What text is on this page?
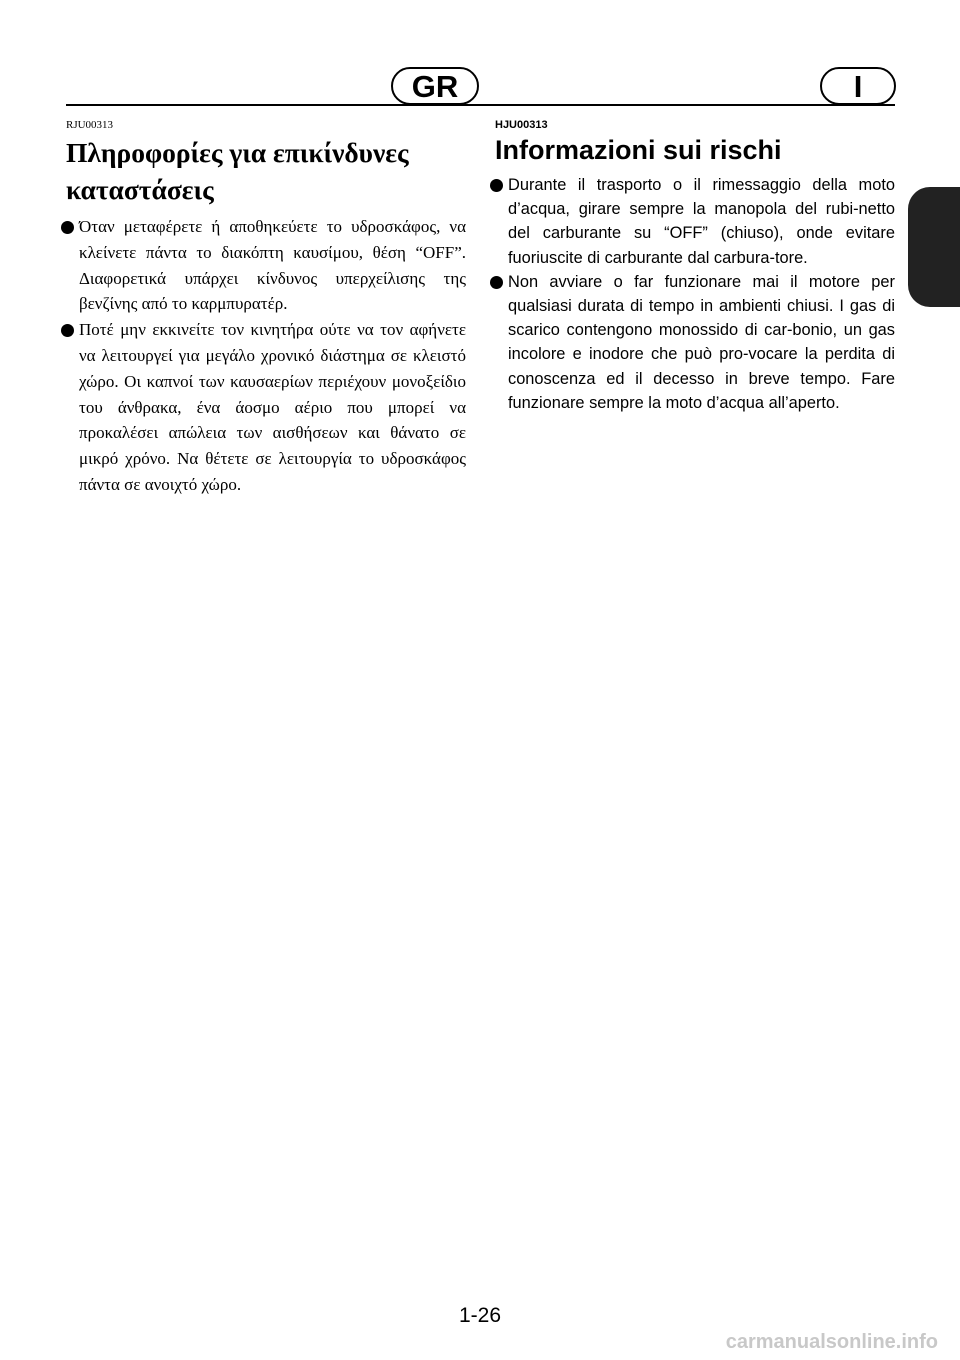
GR	I
RJU00313
Πληροφορίες για επικίνδυνες
καταστάσεις
Όταν μεταφέρετε ή αποθηκεύετε το υδροσκάφος, να κλείνετε πάντα το διακόπτη καυσίμου, θέση “OFF”. Διαφορετικά υπάρχει κίνδυνος υπερχείλισης της βενζίνης από το καρμπυρατέρ.
Ποτέ μην εκκινείτε τον κινητήρα ούτε να τον αφήνετε να λειτουργεί για μεγάλο χρονικό διάστημα σε κλειστό χώρο. Οι καπνοί των καυσαερίων περιέχουν μονοξείδιο του άνθρακα, ένα άοσμο αέριο που μπορεί να προκαλέσει απώλεια των αισθήσεων και θάνατο σε μικρό χρόνο. Να θέτετε σε λειτουργία το υδροσκάφος πάντα σε ανοιχτό χώρο.
HJU00313
Informazioni sui rischi
Durante il trasporto o il rimessaggio della moto d’acqua, girare sempre la manopola del rubi-netto del carburante su “OFF” (chiuso), onde evitare fuoriuscite di carburante dal carbura-tore.
Non avviare o far funzionare mai il motore per qualsiasi durata di tempo in ambienti chiusi. I gas di scarico contengono monossido di car-bonio, un gas incolore e inodore che può pro-vocare la perdita di conoscenza ed il decesso in breve tempo. Fare funzionare sempre la moto d’acqua all’aperto.
1-26
carmanualsonline.info
